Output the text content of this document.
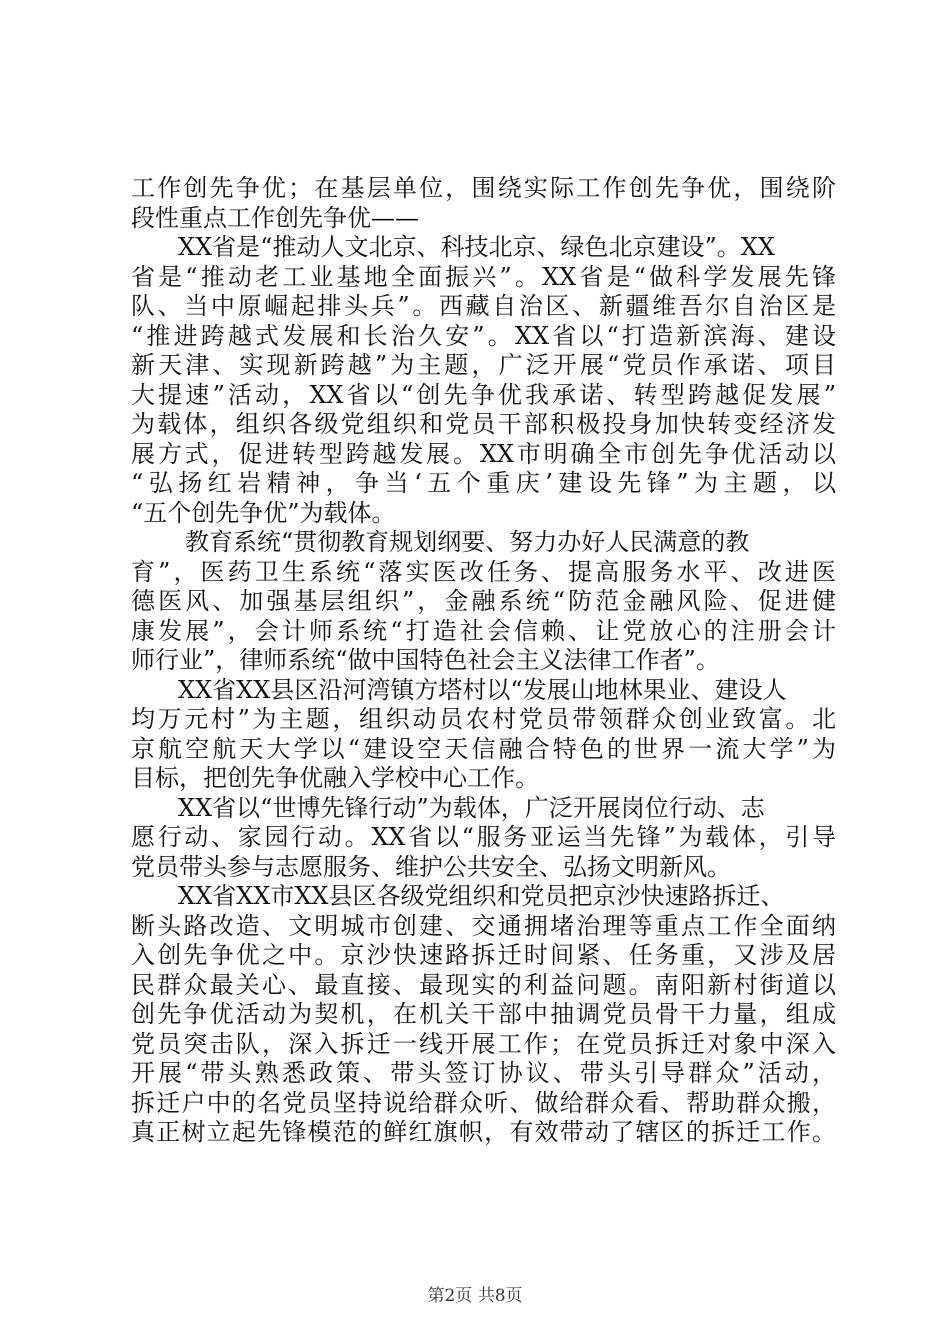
工作创先争优；在基层单位，围绕实际工作创先争优，围绕阶
段性重点工作创先争优——
XX省是“推动人文北京、科技北京、绿色北京建设”。XX
省是“推动老工业基地全面振兴”。XX省是“做科学发展先锋
队、当中原崛起排头兵”。西藏自治区、新疆维吾尔自治区是
“推进跨越式发展和长治久安”。XX省以“打造新滨海、建设
新天津、实现新跨越”为主题，广泛开展“党员作承诺、项目
大提速”活动，XX省以“创先争优我承诺、转型跨越促发展”
为载体，组织各级党组织和党员干部积极投身加快转变经济发
展方式，促进转型跨越发展。XX市明确全市创先争优活动以
“弘扬红岩精神，争当‘五个重庆’建设先锋”为主题，以
“五个创先争优”为载体。
教育系统“贯彻教育规划纲要、努力办好人民满意的教
育”，医药卫生系统“落实医改任务、提高服务水平、改进医
德医风、加强基层组织”，金融系统“防范金融风险、促进健
康发展”，会计师系统“打造社会信赖、让党放心的注册会计
师行业”，律师系统“做中国特色社会主义法律工作者”。
XX省XX县区沿河湾镇方塔村以“发展山地林果业、建设人
均万元村”为主题，组织动员农村党员带领群众创业致富。北
京航空航天大学以“建设空天信融合特色的世界一流大学”为
目标，把创先争优融入学校中心工作。
XX省以“世博先锋行动”为载体，广泛开展岗位行动、志
愿行动、家园行动。XX省以“服务亚运当先锋”为载体，引导
党员带头参与志愿服务、维护公共安全、弘扬文明新风。
XX省XX市XX县区各级党组织和党员把京沙快速路拆迁、
断头路改造、文明城市创建、交通拥堵治理等重点工作全面纳
入创先争优之中。京沙快速路拆迁时间紧、任务重，又涉及居
民群众最关心、最直接、最现实的利益问题。南阳新村街道以
创先争优活动为契机，在机关干部中抽调党员骨干力量，组成
党员突击队，深入拆迁一线开展工作；在党员拆迁对象中深入
开展“带头熟悉政策、带头签订协议、带头引导群众”活动，
拆迁户中的名党员坚持说给群众听、做给群众看、帮助群众搬，
真正树立起先锋模范的鲜红旗帜，有效带动了辖区的拆迁工作。
第2页 共8页
